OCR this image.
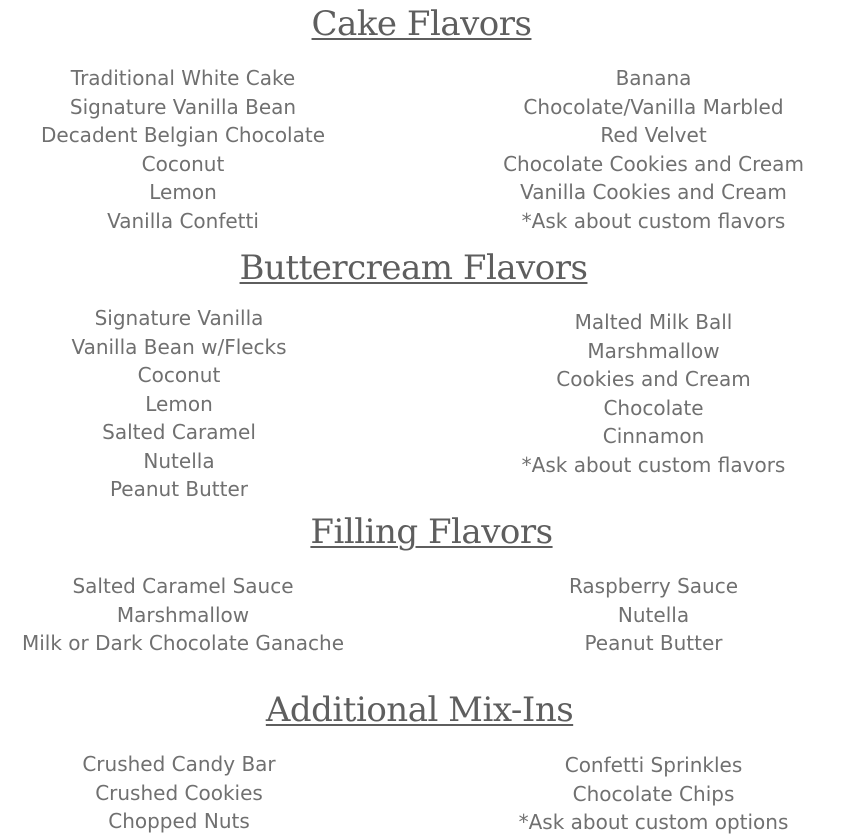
Cake Flavors
Traditional White Cake
Signature Vanilla Bean
Decadent Belgian Chocolate
Coconut
Lemon
Vanilla Confetti
Banana
Chocolate/Vanilla Marbled
Red Velvet
Chocolate Cookies and Cream
Vanilla Cookies and Cream
*Ask about custom flavors
Buttercream Flavors
Signature Vanilla
Vanilla Bean w/Flecks
Coconut
Lemon
Salted Caramel
Nutella
Peanut Butter
Malted Milk Ball
Marshmallow
Cookies and Cream
Chocolate
Cinnamon
*Ask about custom flavors
Filling Flavors
Salted Caramel Sauce
Marshmallow
Milk or Dark Chocolate Ganache
Raspberry Sauce
Nutella
Peanut Butter
Additional Mix-Ins
Crushed Candy Bar
Crushed Cookies
Chopped Nuts
Confetti Sprinkles
Chocolate Chips
*Ask about custom options
